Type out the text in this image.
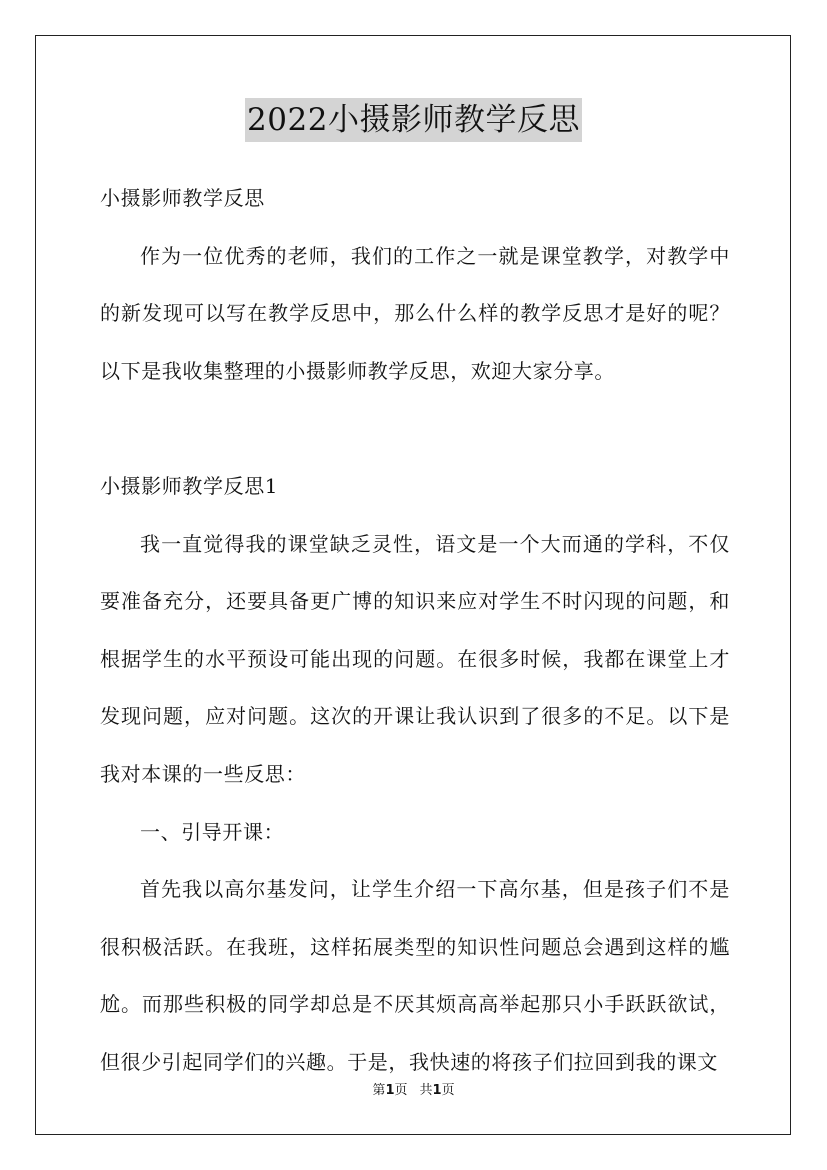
2022小摄影师教学反思

小摄影师教学反思

作为一位优秀的老师，我们的工作之一就是课堂教学，对教学中的新发现可以写在教学反思中，那么什么样的教学反思才是好的呢？以下是我收集整理的小摄影师教学反思，欢迎大家分享。

小摄影师教学反思1

我一直觉得我的课堂缺乏灵性，语文是一个大而通的学科，不仅要准备充分，还要具备更广博的知识来应对学生不时闪现的问题，和根据学生的水平预设可能出现的问题。在很多时候，我都在课堂上才发现问题，应对问题。这次的开课让我认识到了很多的不足。以下是我对本课的一些反思：

一、引导开课：

首先我以高尔基发问，让学生介绍一下高尔基，但是孩子们不是很积极活跃。在我班，这样拓展类型的知识性问题总会遇到这样的尴尬。而那些积极的同学却总是不厌其烦高高举起那只小手跃跃欲试，但很少引起同学们的兴趣。于是，我快速的将孩子们拉回到我的课文

第1页 共1页
